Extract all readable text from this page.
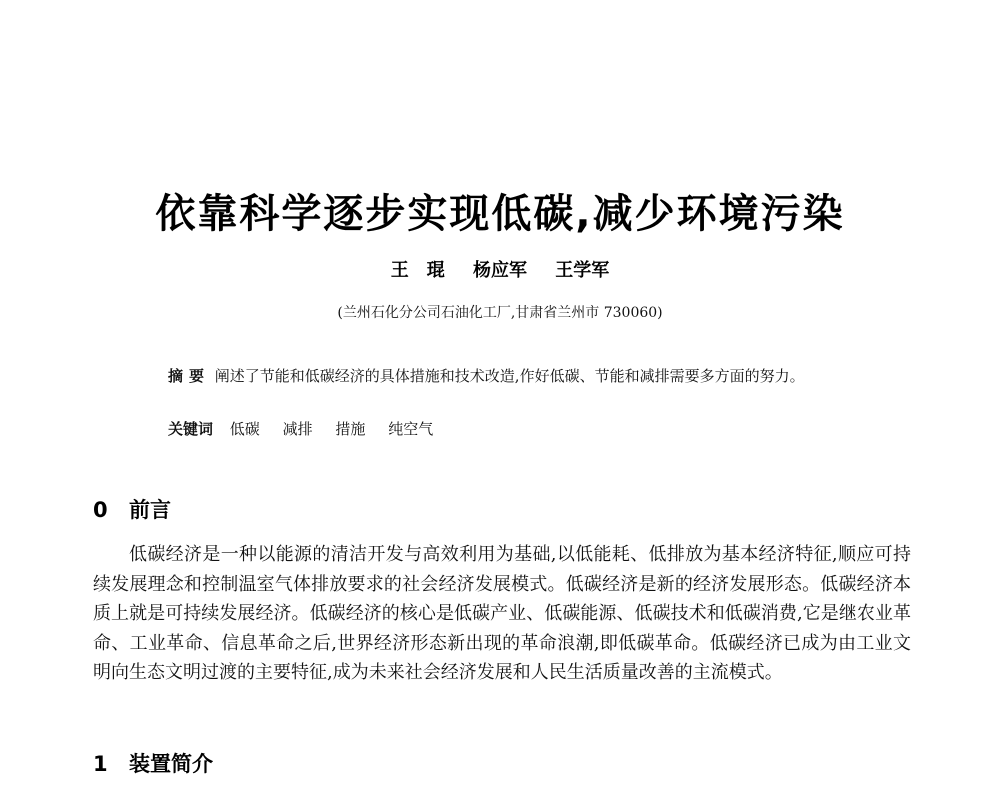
依靠科学逐步实现低碳,减少环境污染
王　琨 杨应军 王学军
(兰州石化分公司石油化工厂,甘肃省兰州市 730060)
摘要 阐述了节能和低碳经济的具体措施和技术改造,作好低碳、节能和减排需要多方面的努力。
关键词 低碳 减排 措施 纯空气
0 前言
低碳经济是一种以能源的清洁开发与高效利用为基础,以低能耗、低排放为基本经济特征,顺应可持续发展理念和控制温室气体排放要求的社会经济发展模式。低碳经济是新的经济发展形态。低碳经济本质上就是可持续发展经济。低碳经济的核心是低碳产业、低碳能源、低碳技术和低碳消费,它是继农业革命、工业革命、信息革命之后,世界经济形态新出现的革命浪潮,即低碳革命。低碳经济已成为由工业文明向生态文明过渡的主要特征,成为未来社会经济发展和人民生活质量改善的主流模式。
1 装置简介
